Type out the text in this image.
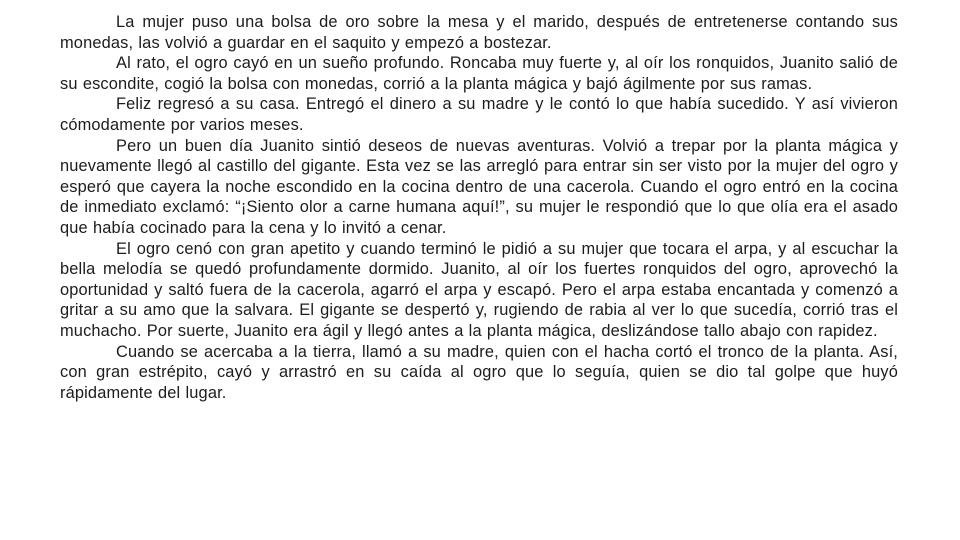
La mujer puso una bolsa de oro sobre la mesa y el marido, después de entretenerse contando sus monedas, las volvió a guardar en el saquito y empezó a bostezar.

Al rato, el ogro cayó en un sueño profundo. Roncaba muy fuerte y, al oír los ronquidos, Juanito salió de su escondite, cogió la bolsa con monedas, corrió a la planta mágica y bajó ágilmente por sus ramas.

Feliz regresó a su casa. Entregó el dinero a su madre y le contó lo que había sucedido. Y así vivieron cómodamente por varios meses.

Pero un buen día Juanito sintió deseos de nuevas aventuras. Volvió a trepar por la planta mágica y nuevamente llegó al castillo del gigante. Esta vez se las arregló para entrar sin ser visto por la mujer del ogro y esperó que cayera la noche escondido en la cocina dentro de una cacerola. Cuando el ogro entró en la cocina de inmediato exclamó: “¡Siento olor a carne humana aquí!”, su mujer le respondió que lo que olía era el asado que había cocinado para la cena y lo invitó a cenar.

El ogro cenó con gran apetito y cuando terminó le pidió a su mujer que tocara el arpa, y al escuchar la bella melodía se quedó profundamente dormido. Juanito, al oír los fuertes ronquidos del ogro, aprovechó la oportunidad y saltó fuera de la cacerola, agarró el arpa y escapó. Pero el arpa estaba encantada y comenzó a gritar a su amo que la salvara. El gigante se despertó y, rugiendo de rabia al ver lo que sucedía, corrió tras el muchacho. Por suerte, Juanito era ágil y llegó antes a la planta mágica, deslizándose tallo abajo con rapidez.

Cuando se acercaba a la tierra, llamó a su madre, quien con el hacha cortó el tronco de la planta. Así, con gran estrépito, cayó y arrastró en su caída al ogro que lo seguía, quien se dio tal golpe que huyó rápidamente del lugar.
